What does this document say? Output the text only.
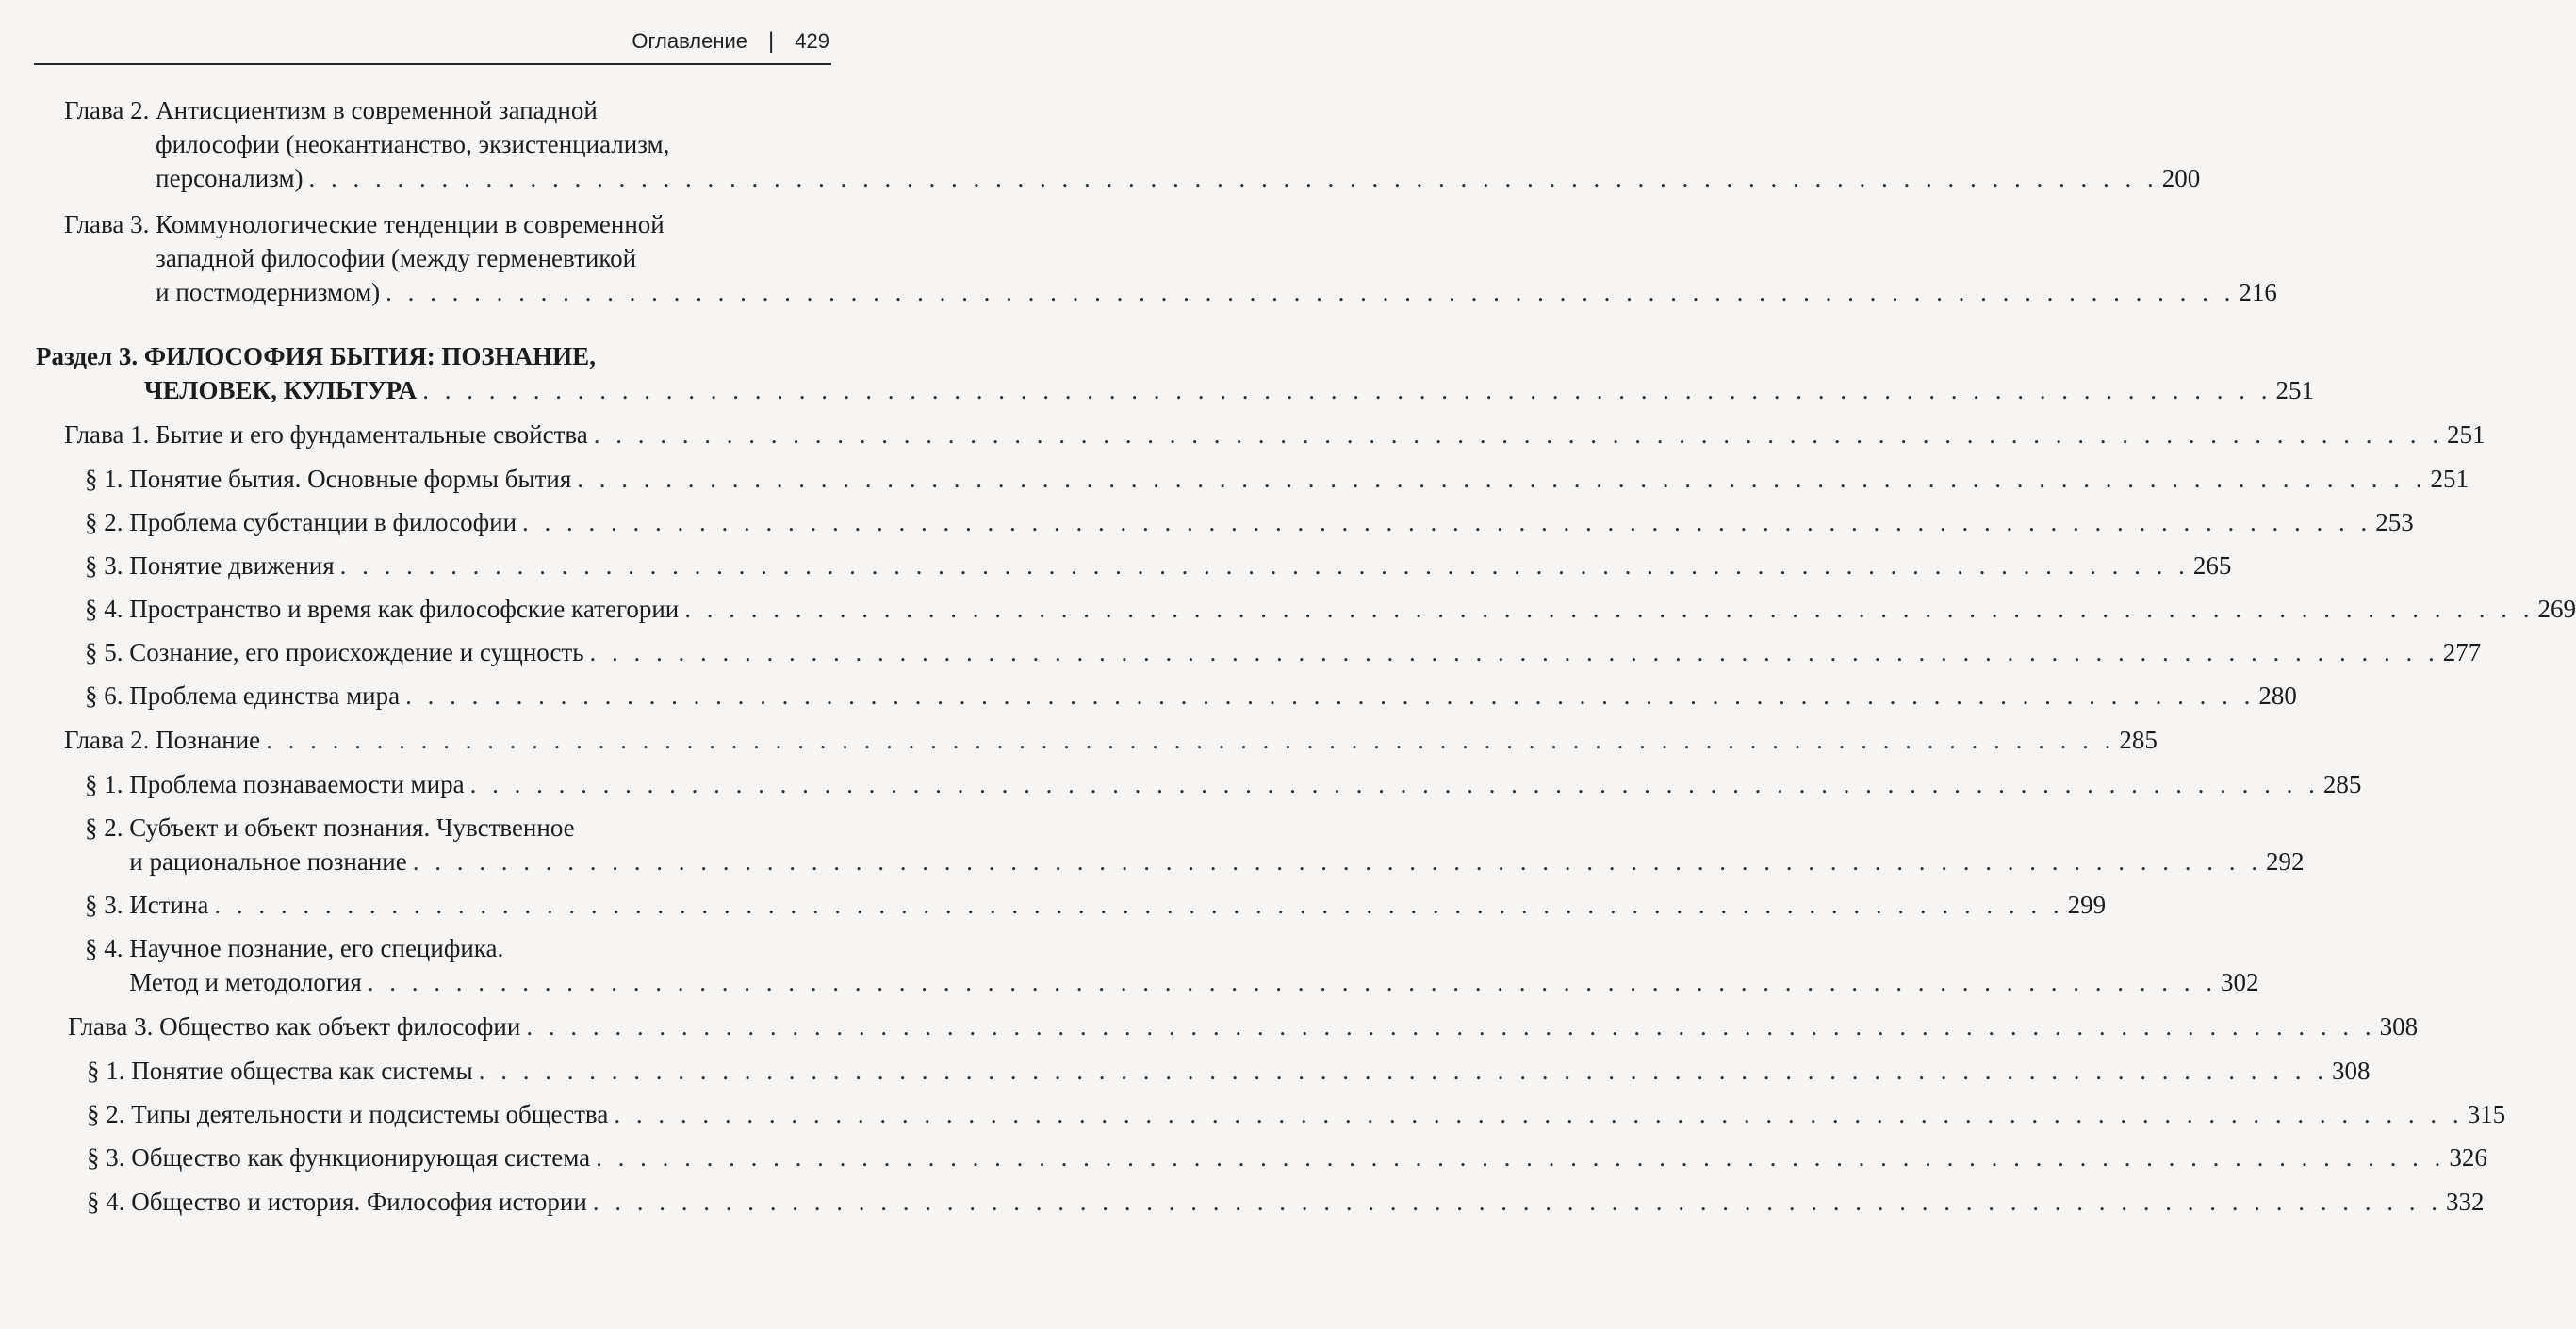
Оглавление | 429
Глава 2. Антисциентизм в современной западной
философии (неокантианство, экзистенциализм,
персонализм) . . .	200
Глава 3. Коммунологические тенденции в современной
западной философии (между герменевтикой
и постмодернизмом) . . .	216
Раздел 3. ФИЛОСОФИЯ БЫТИЯ: ПОЗНАНИЕ,
ЧЕЛОВЕК, КУЛЬТУРА . . .	251
Глава 1. Бытие и его фундаментальные свойства . . .	251
§ 1. Понятие бытия. Основные формы бытия . . .	251
§ 2. Проблема субстанции в философии . . .	253
§ 3. Понятие движения . . .	265
§ 4. Пространство и время как философские категории . . .	269
§ 5. Сознание, его происхождение и сущность . . .	277
§ 6. Проблема единства мира . . .	280
Глава 2. Познание . . .	285
§ 1. Проблема познаваемости мира . . .	285
§ 2. Субъект и объект познания. Чувственное
и рациональное познание . . .	292
§ 3. Истина . . .	299
§ 4. Научное познание, его специфика.
Метод и методология . . .	302
Глава 3. Общество как объект философии . . .	308
§ 1. Понятие общества как системы . . .	308
§ 2. Типы деятельности и подсистемы общества . . .	315
§ 3. Общество как функционирующая система . . .	326
§ 4. Общество и история. Философия истории . . .	332
